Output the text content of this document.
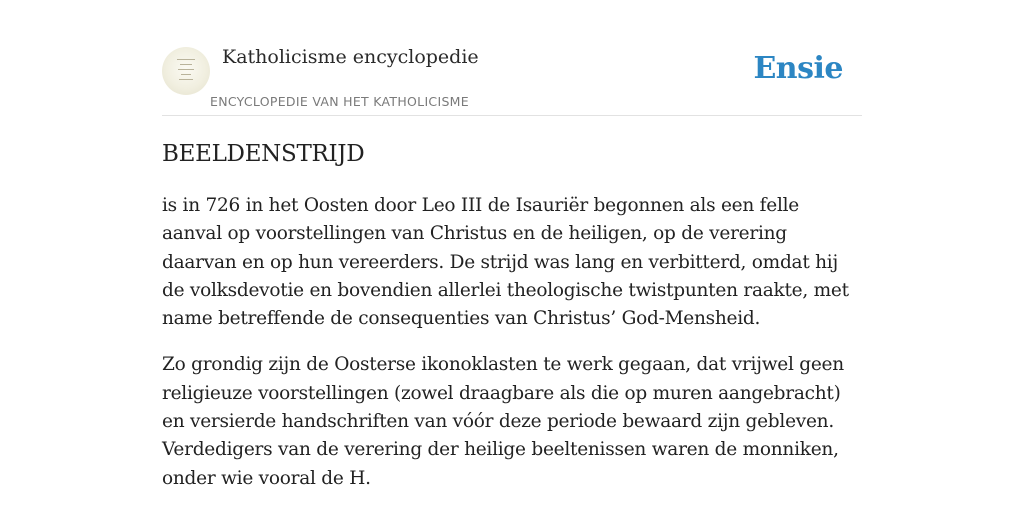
Katholicisme encyclopedie
ENCYCLOPEDIE VAN HET KATHOLICISME
Ensie
BEELDENSTRIJD

is in 726 in het Oosten door Leo III de Isauriër begonnen als een felle aanval op voorstellingen van Christus en de heiligen, op de verering daarvan en op hun vereerders. De strijd was lang en verbitterd, omdat hij de volksdevotie en bovendien allerlei theologische twistpunten raakte, met name betreffende de consequenties van Christus’ God-Mensheid.

Zo grondig zijn de Oosterse ikonoklasten te werk gegaan, dat vrijwel geen religieuze voorstellingen (zowel draagbare als die op muren aangebracht) en versierde handschriften van vóór deze periode bewaard zijn gebleven. Verdedigers van de verering der heilige beeltenissen waren de monniken, onder wie vooral de H.
